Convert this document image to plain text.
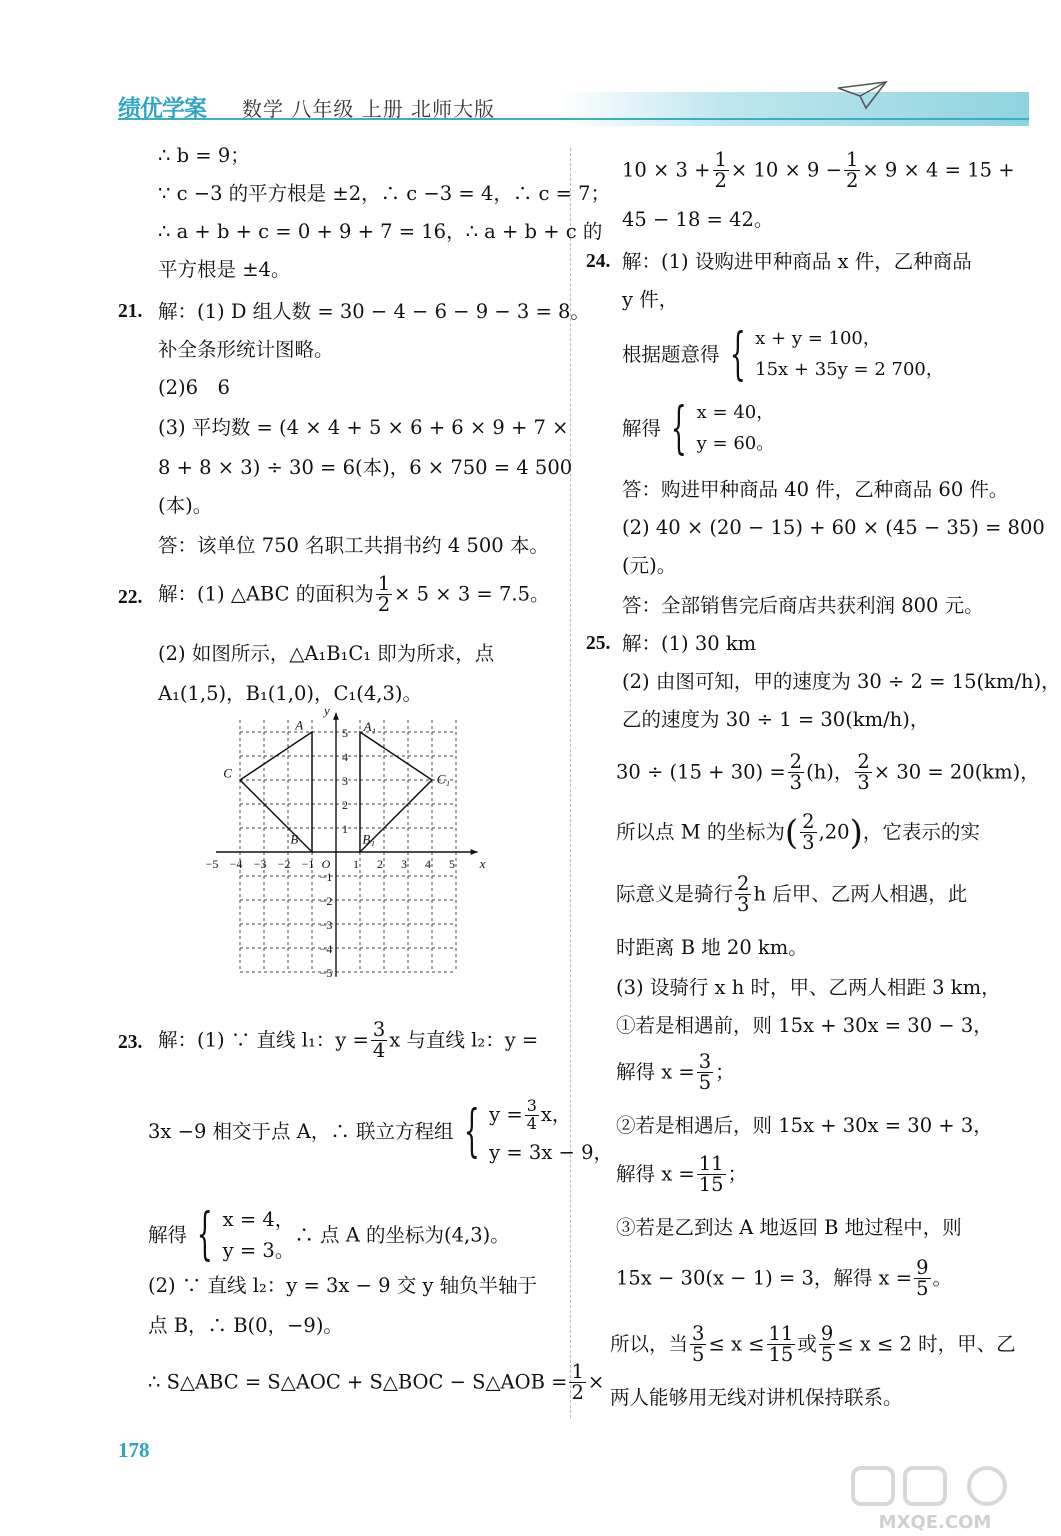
绩优学案 数学 八年级 上册 北师大版
∴ b = 9；
∵ c −3 的平方根是 ±2，∴ c −3 = 4，∴ c = 7；
∴ a + b + c = 0 + 9 + 7 = 16，∴ a + b + c 的
平方根是 ±4。
21. 解：(1) D 组人数 = 30 − 4 − 6 − 9 − 3 = 8。
补全条形统计图略。
(2)6　6
(3) 平均数 = (4 × 4 + 5 × 6 + 6 × 9 + 7 ×
8 + 8 × 3) ÷ 30 = 6(本)，6 × 750 = 4 500
(本)。
答：该单位 750 名职工共捐书约 4 500 本。
22. 解：(1) △ABC 的面积为 $\frac{1}{2} \times 5 \times 3 = 7.5$。
(2) 如图所示，△A₁B₁C₁ 即为所求，点
A₁(1,5)，B₁(1,0)，C₁(4,3)。
−5 −4 −3 −2 −1 O 1 2 3 4 5
5
4
3
2
1
−1
−2
−3
−4
−5
x
y
A
B
C
A₁
B₁
C₁
23. 解：(1) ∵ 直线 l₁：$y = \frac{3}{4}$ x 与直线 l₂：y =
3x −9 相交于点 A，∴ 联立方程组 { $y = \frac{3}{4}$ x，
y = 3x − 9，
解得 { x = 4，
y = 3。
∴ 点 A 的坐标为(4,3)。
(2) ∵ 直线 l₂：y = 3x − 9 交 y 轴负半轴于
点 B，∴ B(0，−9)。
∴ S△ABC = S△AOC + S△BOC − S△AOB = $\frac{1}{2}$ ×
$10 \times 3 + \frac{1}{2} \times 10 \times 9 - \frac{1}{2} \times 9 \times 4 = 15$ +
45 − 18 = 42。
24. 解：(1) 设购进甲种商品 x 件，乙种商品
y 件，
根据题意得 { x + y = 100，
15x + 35y = 2 700，
解得 { x = 40，
y = 60。
答：购进甲种商品 40 件，乙种商品 60 件。
(2) 40 × (20 − 15) + 60 × (45 − 35) = 800
(元)。
答：全部销售完后商店共获利润 800 元。
25. 解：(1) 30 km
(2) 由图可知，甲的速度为 30 ÷ 2 = 15(km/h)，
乙的速度为 30 ÷ 1 = 30(km/h)，
$30 \div (15 + 30) = \frac{2}{3} (h)$， $\frac{2}{3} \times 30 = 20(km)$，
所以点 M 的坐标为( $\frac{2}{3} ,20$)，它表示的实
际意义是骑行 $\frac{2}{3}$ h 后甲、乙两人相遇，此
时距离 B 地 20 km。
(3) 设骑行 x h 时，甲、乙两人相距 3 km，
①若是相遇前，则 15x + 30x = 30 − 3，
解得 $x = \frac{3}{5}$ ；
②若是相遇后，则 15x + 30x = 30 + 3，
解得 $x = \frac{11}{15}$ ；
③若是乙到达 A 地返回 B 地过程中，则
15x − 30(x − 1) = 3，解得 $x = \frac{9}{5}$ 。
所以，当 $\frac{3}{5} \le x \le \frac{11}{15}$ 或 $\frac{9}{5} \le x \le 2$ 时，甲、乙
两人能够用无线对讲机保持联系。
178
MXQE.COM
